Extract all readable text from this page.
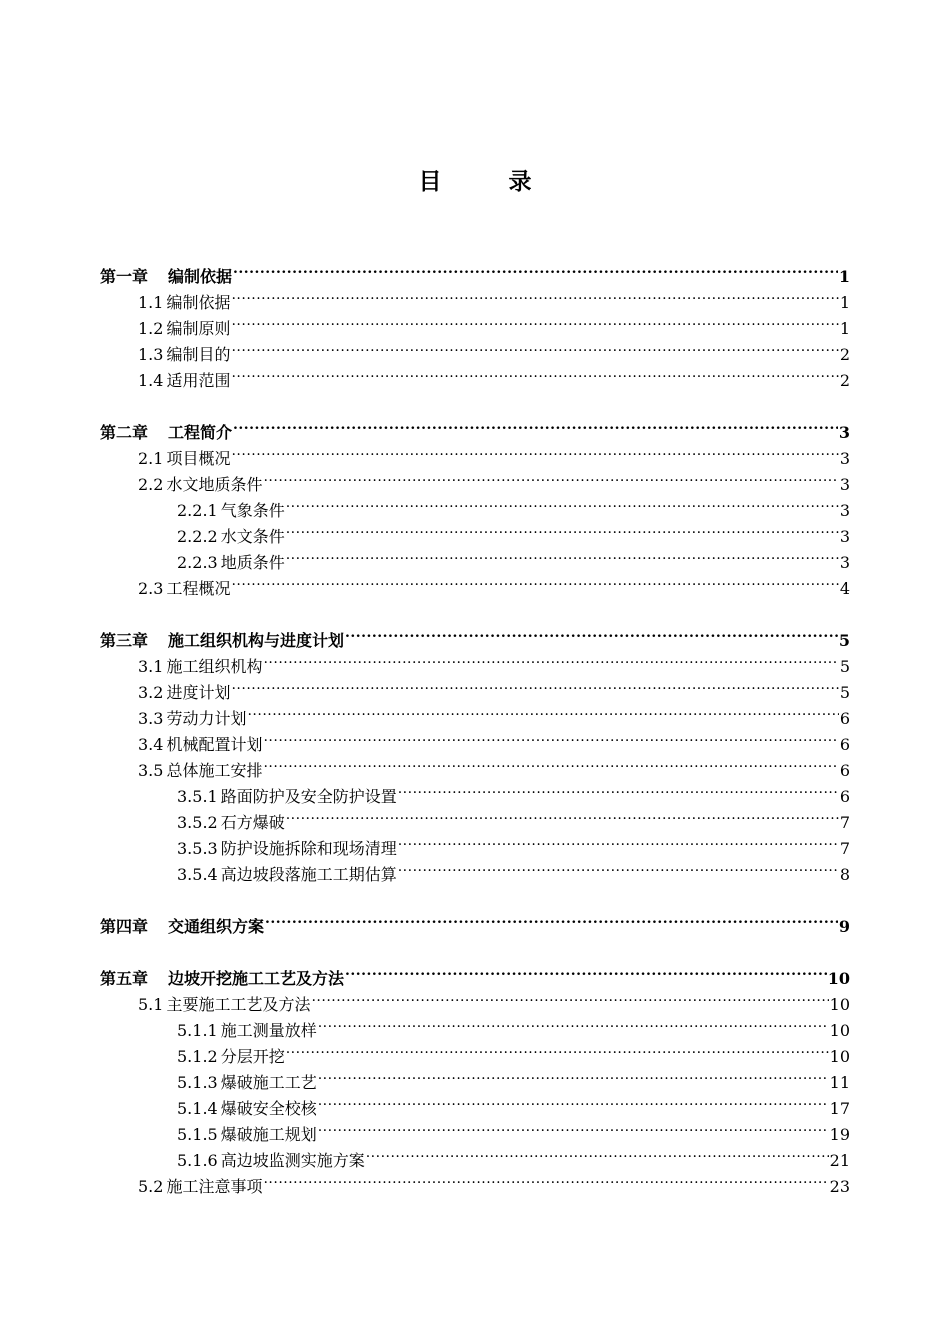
目　录
第一章 编制依据 .....	1
1.1 编制依据 .....	1
1.2 编制原则 .....	1
1.3 编制目的 .....	2
1.4 适用范围 .....	2
第二章 工程简介 .....	3
2.1 项目概况 .....	3
2.2 水文地质条件 .....	3
2.2.1 气象条件 .....	3
2.2.2 水文条件 .....	3
2.2.3 地质条件 .....	3
2.3 工程概况 .....	4
第三章 施工组织机构与进度计划 .....	5
3.1 施工组织机构 .....	5
3.2 进度计划 .....	5
3.3 劳动力计划 .....	6
3.4 机械配置计划 .....	6
3.5 总体施工安排 .....	6
3.5.1 路面防护及安全防护设置 .....	6
3.5.2 石方爆破 .....	7
3.5.3 防护设施拆除和现场清理 .....	7
3.5.4 高边坡段落施工工期估算 .....	8
第四章 交通组织方案 .....	9
第五章 边坡开挖施工工艺及方法 .....	10
5.1 主要施工工艺及方法 .....	10
5.1.1 施工测量放样 .....	10
5.1.2 分层开挖 .....	10
5.1.3 爆破施工工艺 .....	11
5.1.4 爆破安全校核 .....	17
5.1.5 爆破施工规划 .....	19
5.1.6 高边坡监测实施方案 .....	21
5.2 施工注意事项 .....	23
